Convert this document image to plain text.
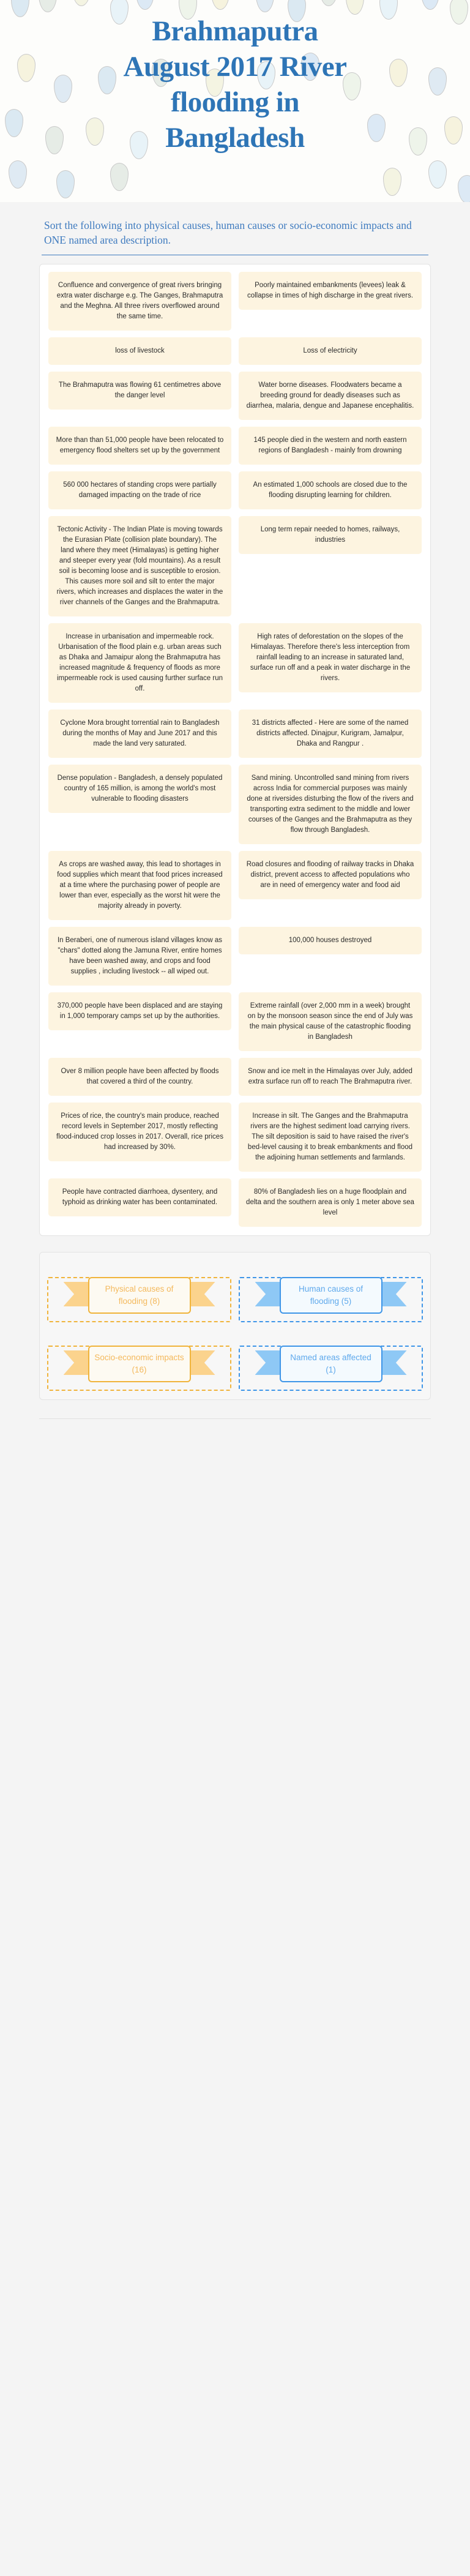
Brahmaputra
August 2017 River
flooding in
Bangladesh
Sort the following into physical causes, human causes or socio-economic impacts and ONE named area description.
Confluence and convergence of great rivers bringing extra water discharge e.g. The Ganges, Brahmaputra and the Meghna. All three rivers overflowed around the same time.
Poorly maintained embankments (levees) leak & collapse in times of high discharge in the great rivers.
loss of livestock	Loss of electricity
The Brahmaputra was flowing 61 centimetres above the danger level
Water borne diseases. Floodwaters became a breeding ground for deadly diseases such as diarrhea, malaria, dengue and Japanese encephalitis.
More than than 51,000 people have been relocated to emergency flood shelters set up by the government
145 people died in the western and north eastern regions of Bangladesh - mainly from drowning
560 000 hectares of standing crops were partially damaged impacting on the trade of rice
An estimated 1,000 schools are closed due to the flooding disrupting learning for children.
Tectonic Activity - The Indian Plate is moving towards the Eurasian Plate (collision plate boundary). The land where they meet (Himalayas) is getting higher and steeper every year (fold mountains). As a result soil is becoming loose and is susceptible to erosion. This causes more soil and silt to enter the major rivers, which increases and displaces the water in the river channels of the Ganges and the Brahmaputra.
Long term repair needed to homes, railways, industries
Increase in urbanisation and impermeable rock. Urbanisation of the flood plain e.g. urban areas such as Dhaka and Jamaipur along the Brahmaputra has increased magnitude & frequency of floods as more impermeable rock is used causing further surface run off.
High rates of deforestation on the slopes of the Himalayas. Therefore there's less interception from rainfall leading to an increase in saturated land, surface run off and a peak in water discharge in the rivers.
Cyclone Mora brought torrential rain to Bangladesh during the months of May and June 2017 and this made the land very saturated.
31 districts affected - Here are some of the named districts affected. Dinajpur, Kurigram, Jamalpur, Dhaka and Rangpur .
Dense population - Bangladesh, a densely populated country of 165 million, is among the world's most vulnerable to flooding disasters
Sand mining. Uncontrolled sand mining from rivers across India for commercial purposes was mainly done at riversides disturbing the flow of the rivers and transporting extra sediment to the middle and lower courses of the Ganges and the Brahmaputra as they flow through Bangladesh.
As crops are washed away, this lead to shortages in food supplies which meant that food prices increased at a time where the purchasing power of people are lower than ever, especially as the worst hit were the majority already in poverty.
Road closures and flooding of railway tracks in Dhaka district, prevent access to affected populations who are in need of emergency water and food aid
In Beraberi, one of numerous island villages know as "chars" dotted along the Jamuna River, entire homes have been washed away, and crops and food supplies , including livestock -- all wiped out.
100,000 houses destroyed
370,000 people have been displaced and are staying in 1,000 temporary camps set up by the authorities.
Extreme rainfall (over 2,000 mm in a week) brought on by the monsoon season since the end of July was the main physical cause of the catastrophic flooding in Bangladesh
Over 8 million people have been affected by floods that covered a third of the country.
Snow and ice melt in the Himalayas over July, added extra surface run off to reach The Brahmaputra river.
Prices of rice, the country's main produce, reached record levels in September 2017, mostly reflecting flood-induced crop losses in 2017. Overall, rice prices had increased by 30%.
Increase in silt. The Ganges and the Brahmaputra rivers are the highest sediment load carrying rivers. The silt deposition is said to have raised the river's bed-level causing it to break embankments and flood the adjoining human settlements and farmlands.
People have contracted diarrhoea, dysentery, and typhoid as drinking water has been contaminated.
80% of Bangladesh lies on a huge floodplain and delta and the southern area is only 1 meter above sea level
Physical causes of flooding (8)
Human causes of flooding (5)
Socio-economic impacts (16)
Named areas affected (1)
